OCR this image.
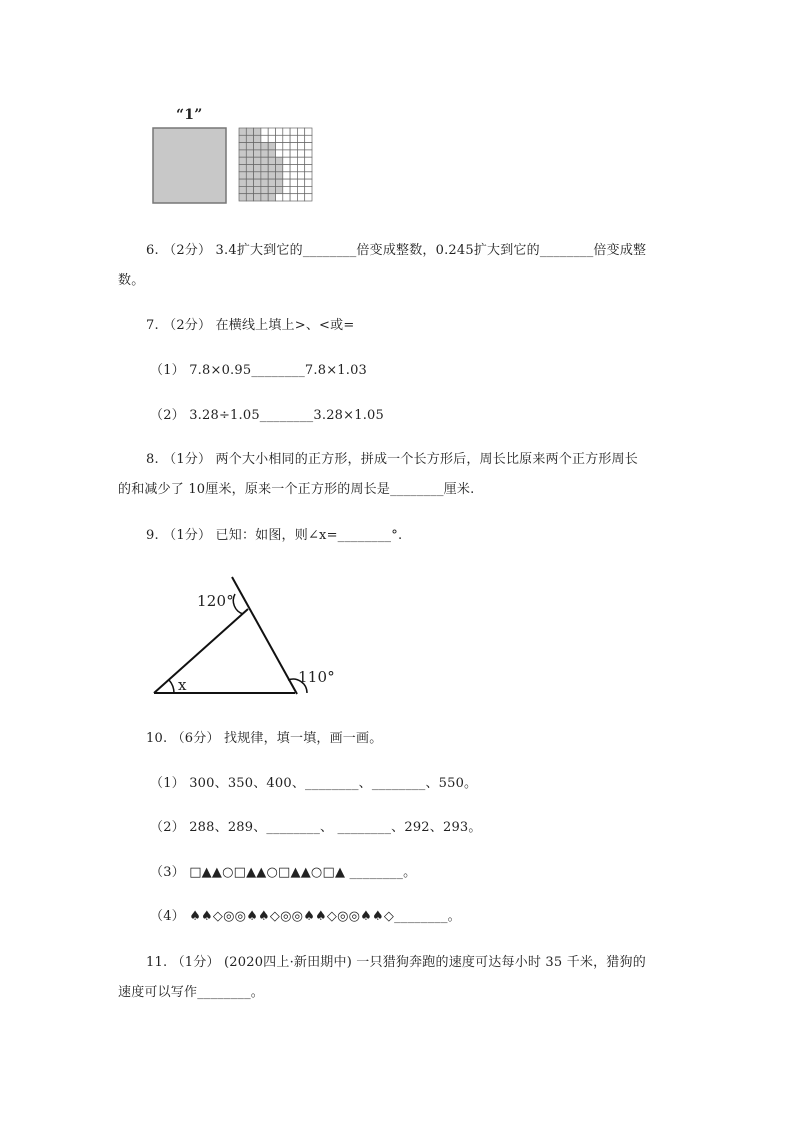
“1”
6. （2分） 3.4扩大到它的________倍变成整数，0.245扩大到它的________倍变成整
数。
7. （2分） 在横线上填上>、<或=
（1） 7.8×0.95________7.8×1.03
（2） 3.28÷1.05________3.28×1.05
8. （1分） 两个大小相同的正方形，拼成一个长方形后，周长比原来两个正方形周长
的和减少了 10厘米，原来一个正方形的周长是________厘米.
9. （1分） 已知：如图，则∠x=________°.
120°
110°
x
10. （6分） 找规律，填一填，画一画。
（1） 300、350、400、________、________、550。
（2） 288、289、________、 ________、292、293。
（3） □▲▲○□▲▲○□▲▲○□▲ ________。
（4） ♠♠◇◎◎♠♠◇◎◎♠♠◇◎◎♠♠◇________。
11. （1分） (2020四上·新田期中) 一只猎狗奔跑的速度可达每小时 35 千米，猎狗的
速度可以写作________。
